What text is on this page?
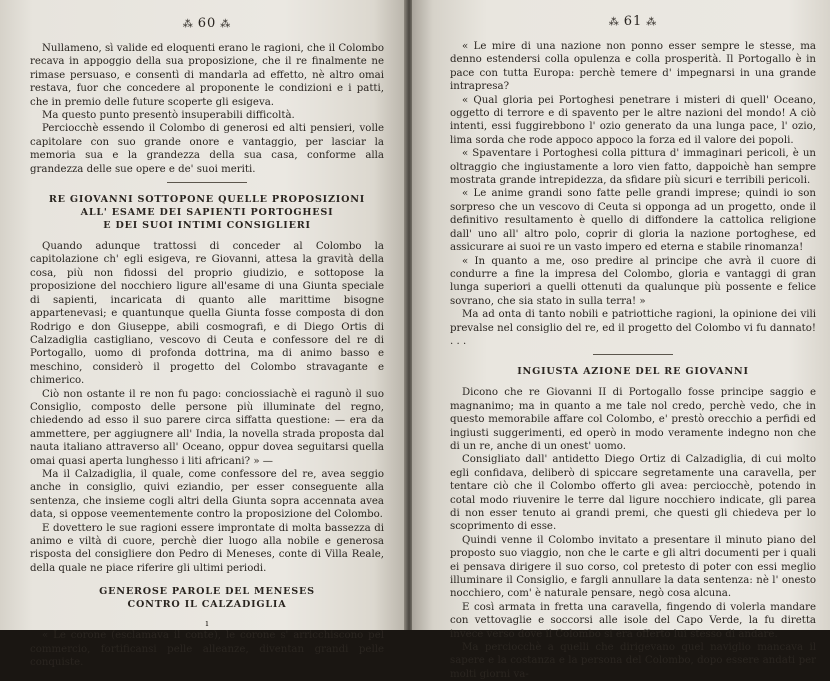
⁂ 60 ⁂

Nullameno, sì valide ed eloquenti erano le ragioni, che il Colombo recava in appoggio della sua proposizione, che il re finalmente ne rimase persuaso, e consentì di mandarla ad effetto, nè altro omai restava, fuor che concedere al proponente le condizioni e i patti, che in premio delle future scoperte gli esigeva.

Ma questo punto presentò insuperabili difficoltà.

Perciocchè essendo il Colombo di generosi ed alti pensieri, volle capitolare con suo grande onore e vantaggio, per lasciar la memoria sua e la grandezza della sua casa, conforme alla grandezza delle sue opere e de' suoi meriti.

RE GIOVANNI SOTTOPONE QUELLE PROPOSIZIONI
ALL' ESAME DEI SAPIENTI PORTOGHESI
E DEI SUOI INTIMI CONSIGLIERI

Quando adunque trattossi di conceder al Colombo la capitolazione ch' egli esigeva, re Giovanni, attesa la gravità della cosa, più non fidossi del proprio giudizio, e sottopose la proposizione del nocchiero ligure all'esame di una Giunta speciale di sapienti, incaricata di quanto alle marittime bisogne appartenevasi; e quantunque quella Giunta fosse composta di don Rodrigo e don Giuseppe, abili cosmografi, e di Diego Ortis di Calzadiglia castigliano, vescovo di Ceuta e confessore del re di Portogallo, uomo di profonda dottrina, ma di animo basso e meschino, considerò il progetto del Colombo stravagante e chimerico.

Ciò non ostante il re non fu pago: conciossiachè ei ragunò il suo Consiglio, composto delle persone più illuminate del regno, chiedendo ad esso il suo parere circa siffatta questione: — era da ammettere, per aggiugnere all' India, la novella strada proposta dal nauta italiano attraverso all' Oceano, oppur dovea seguitarsi quella omai quasi aperta lunghesso i liti africani? » —

Ma il Calzadiglia, il quale, come confessore del re, avea seggio anche in consiglio, quivi eziandio, per esser conseguente alla sentenza, che insieme cogli altri della Giunta sopra accennata avea data, si oppose veementemente contro la proposizione del Colombo.

E dovettero le sue ragioni essere improntate di molta bassezza di animo e viltà di cuore, perchè dier luogo alla nobile e generosa risposta del consigliere don Pedro di Meneses, conte di Villa Reale, della quale ne piace riferire gli ultimi periodi.

GENEROSE PAROLE DEL MENESES
CONTRO IL CALZADIGLIA
ı

« Le corone (esclamava il conte), le corone s' arricchiscono pel commercio, fortificansi pelle alleanze, diventan grandi pelle conquiste.

⁂ 61 ⁂

« Le mire di una nazione non ponno esser sempre le stesse, ma denno estendersi colla opulenza e colla prosperità. Il Portogallo è in pace con tutta Europa: perchè temere d' impegnarsi in una grande intrapresa?

« Qual gloria pei Portoghesi penetrare i misteri di quell' Oceano, oggetto di terrore e di spavento per le altre nazioni del mondo! A ciò intenti, essi fuggirebbono l' ozio generato da una lunga pace, l' ozio, lima sorda che rode appoco appoco la forza ed il valore dei popoli.

« Spaventare i Portoghesi colla pittura d' immaginari pericoli, è un oltraggio che ingiustamente a loro vien fatto, dappoichè han sempre mostrata grande intrepidezza, da sfidare più sicuri e terribili pericoli.

« Le anime grandi sono fatte pelle grandi imprese; quindi io son sorpreso che un vescovo di Ceuta si opponga ad un progetto, onde il definitivo resultamento è quello di diffondere la cattolica religione dall' uno all' altro polo, coprir di gloria la nazione portoghese, ed assicurare ai suoi re un vasto impero ed eterna e stabile rinomanza!

« In quanto a me, oso predire al principe che avrà il cuore di condurre a fine la impresa del Colombo, gloria e vantaggi di gran lunga superiori a quelli ottenuti da qualunque più possente e felice sovrano, che sia stato in sulla terra! »

Ma ad onta di tanto nobili e patriottiche ragioni, la opinione dei vili prevalse nel consiglio del re, ed il progetto del Colombo vi fu dannato! . . .

INGIUSTA AZIONE DEL RE GIOVANNI

Dicono che re Giovanni II di Portogallo fosse principe saggio e magnanimo; ma in quanto a me tale nol credo, perchè vedo, che in questo memorabile affare col Colombo, e' prestò orecchio a perfidi ed ingiusti suggerimenti, ed operò in modo veramente indegno non che di un re, anche di un onest' uomo.

Consigliato dall' antidetto Diego Ortiz di Calzadiglia, di cui molto egli confidava, deliberò di spiccare segretamente una caravella, per tentare ciò che il Colombo offerto gli avea: perciocchè, potendo in cotal modo riuvenire le terre dal ligure nocchiero indicate, gli parea di non esser tenuto ai grandi premi, che questi gli chiedeva per lo scoprimento di esse.

Quindi venne il Colombo invitato a presentare il minuto piano del proposto suo viaggio, non che le carte e gli altri documenti per i quali ei pensava dirigere il suo corso, col pretesto di poter con essi meglio illuminare il Consiglio, e fargli annullare la data sentenza: nè l' onesto nocchiero, com' è naturale pensare, negò cosa alcuna.

E così armata in fretta una caravella, fingendo di volerla mandare con vettovaglie e soccorsi alle isole del Capo Verde, la fu diretta invece verso dove il Colombo si era offerto lui stesso di andare.

Ma perciocchè a quelli che dirigevano quel naviglio mancava il sapere e la costanza e la persona del Colombo, dopo essere andati per molti giorni va-
